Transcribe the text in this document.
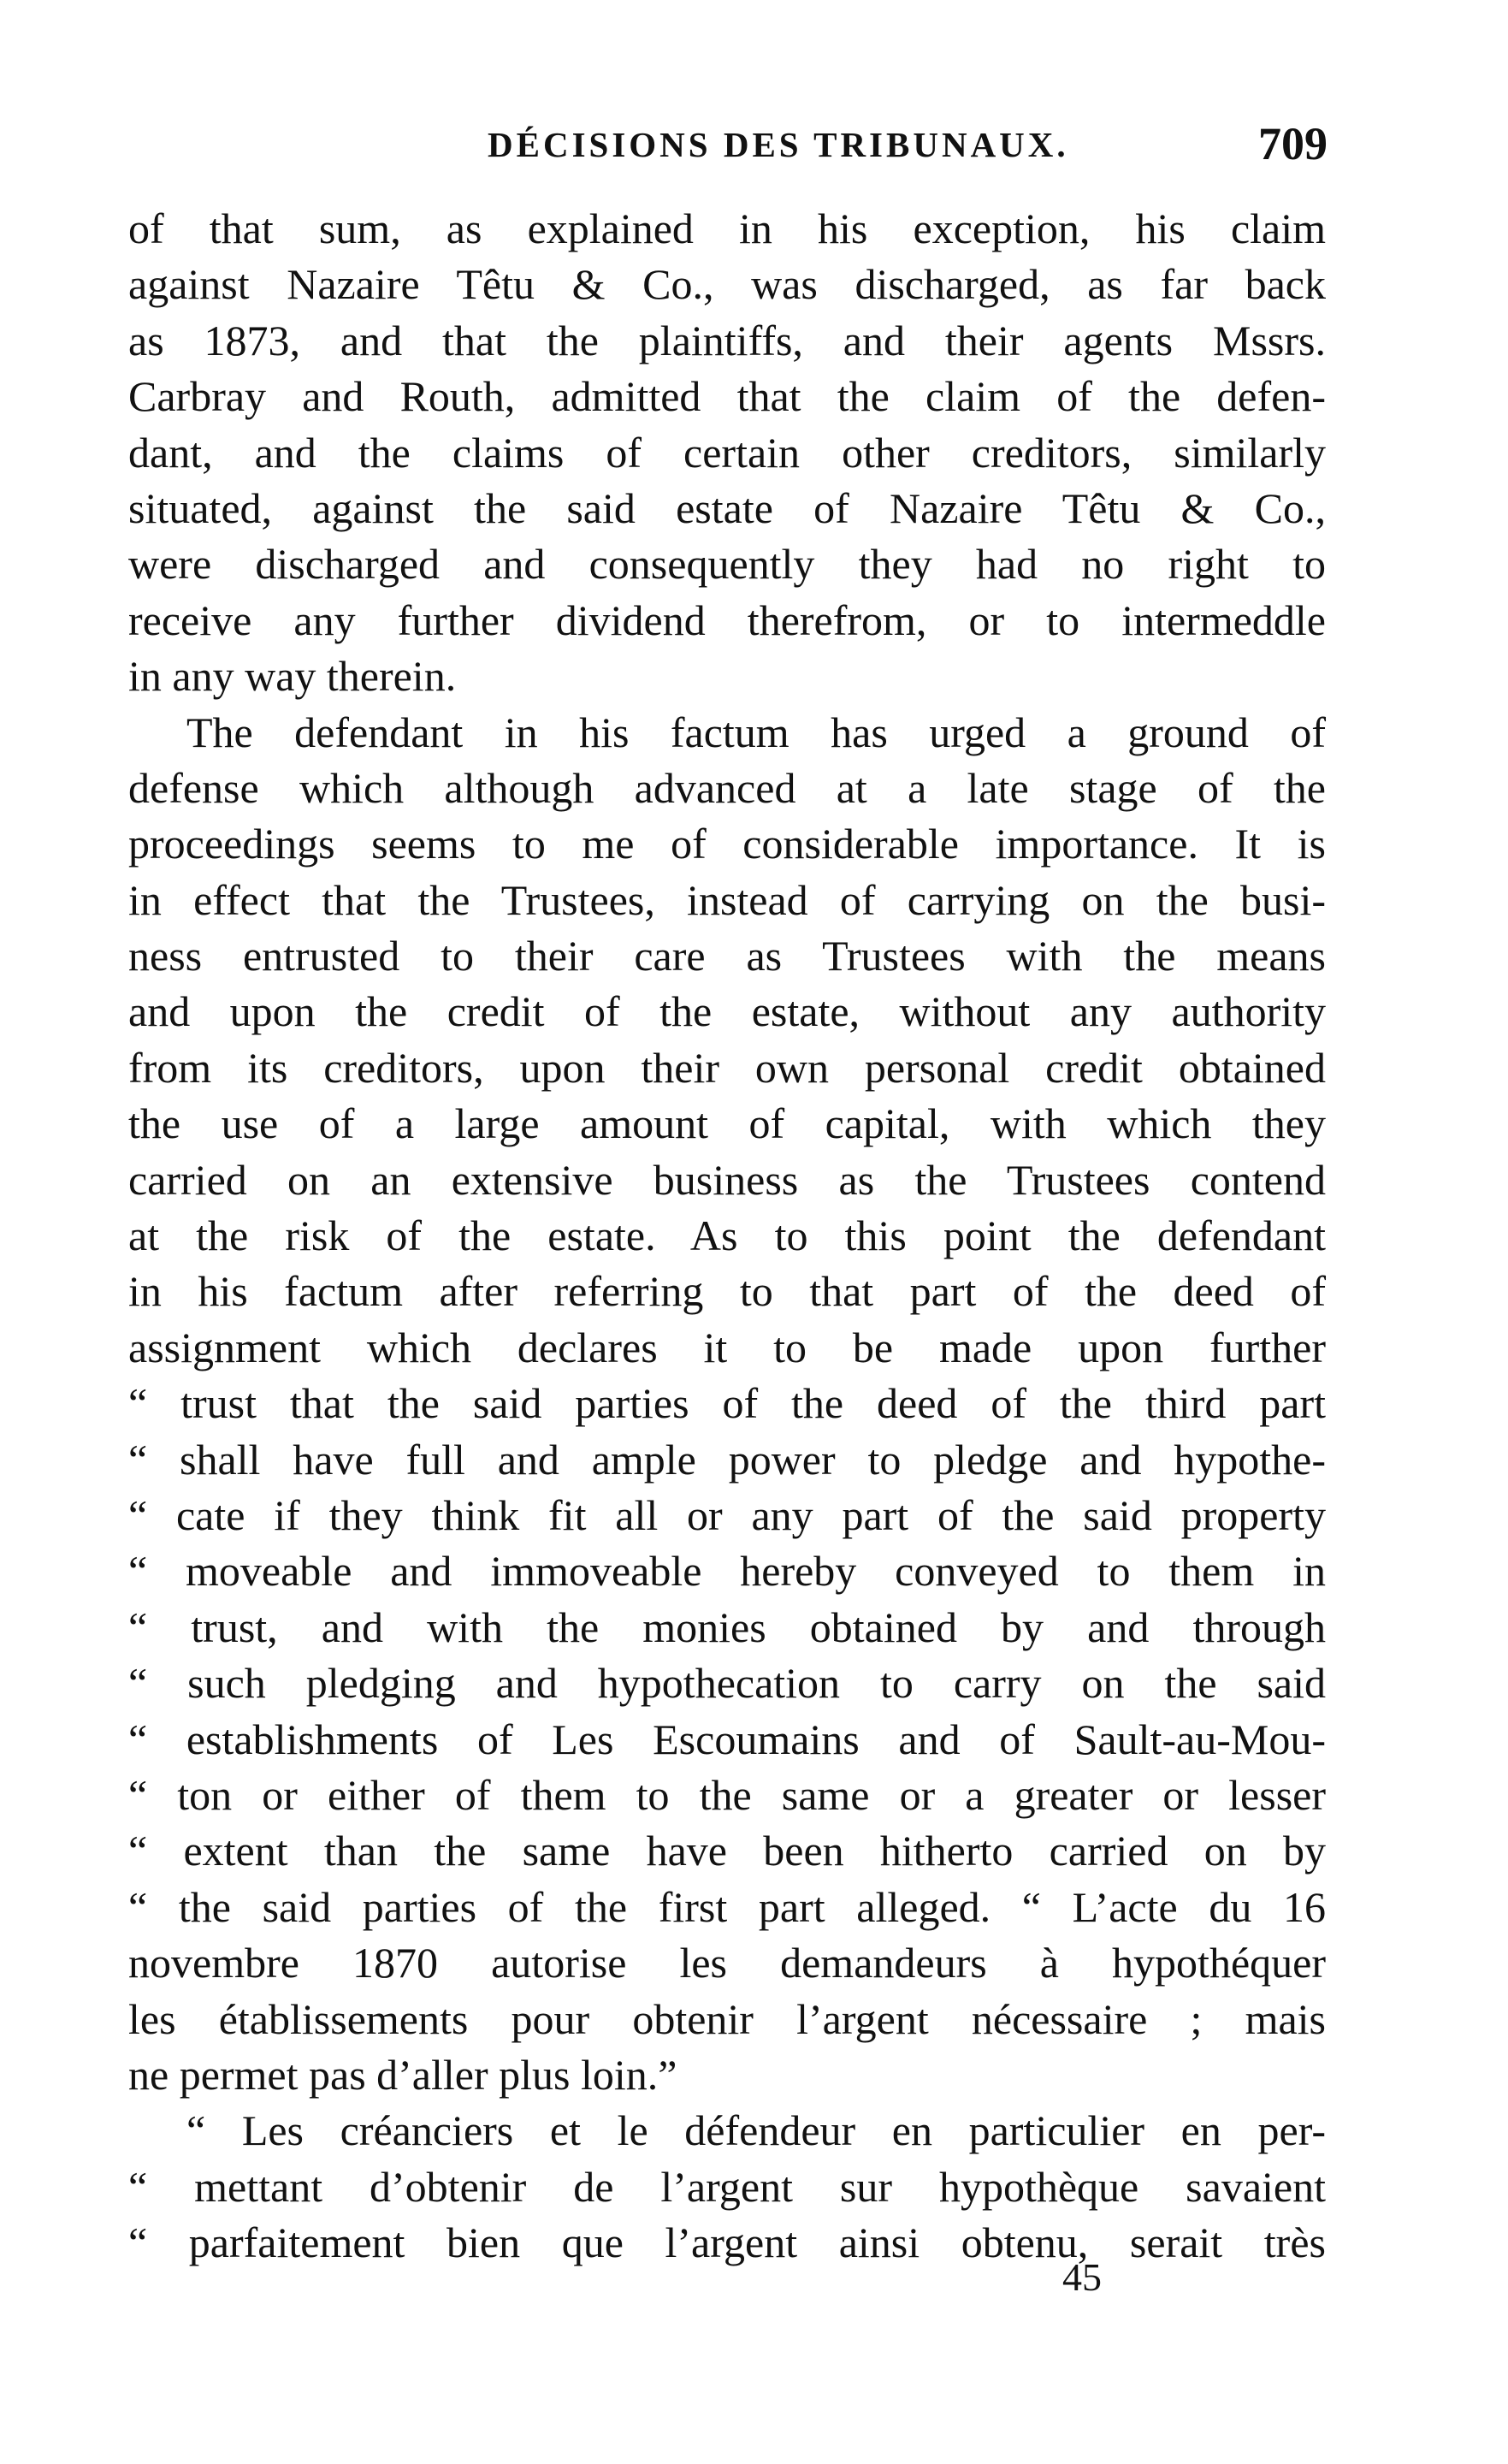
DÉCISIONS DES TRIBUNAUX.	709
of that sum, as explained in his exception, his claim
against Nazaire Têtu & Co., was discharged, as far back
as 1873, and that the plaintiffs, and their agents Mssrs.
Carbray and Routh, admitted that the claim of the defen-
dant, and the claims of certain other creditors, similarly
situated, against the said estate of Nazaire Têtu & Co.,
were discharged and consequently they had no right to
receive any further dividend therefrom, or to intermeddle
in any way therein.
The defendant in his factum has urged a ground of
defense which although advanced at a late stage of the
proceedings seems to me of considerable importance. It is
in effect that the Trustees, instead of carrying on the busi-
ness entrusted to their care as Trustees with the means
and upon the credit of the estate, without any authority
from its creditors, upon their own personal credit obtained
the use of a large amount of capital, with which they
carried on an extensive business as the Trustees contend
at the risk of the estate. As to this point the defendant
in his factum after referring to that part of the deed of
assignment which declares it to be made upon further
“ trust that the said parties of the deed of the third part
“ shall have full and ample power to pledge and hypothe-
“ cate if they think fit all or any part of the said property
“ moveable and immoveable hereby conveyed to them in
“ trust, and with the monies obtained by and through
“ such pledging and hypothecation to carry on the said
“ establishments of Les Escoumains and of Sault-au-Mou-
“ ton or either of them to the same or a greater or lesser
“ extent than the same have been hitherto carried on by
“ the said parties of the first part alleged. “ L’acte du 16
novembre 1870 autorise les demandeurs à hypothéquer
les établissements pour obtenir l’argent nécessaire ; mais
ne permet pas d’aller plus loin.”
“ Les créanciers et le défendeur en particulier en per-
“ mettant d’obtenir de l’argent sur hypothèque savaient
“ parfaitement bien que l’argent ainsi obtenu, serait très
45
